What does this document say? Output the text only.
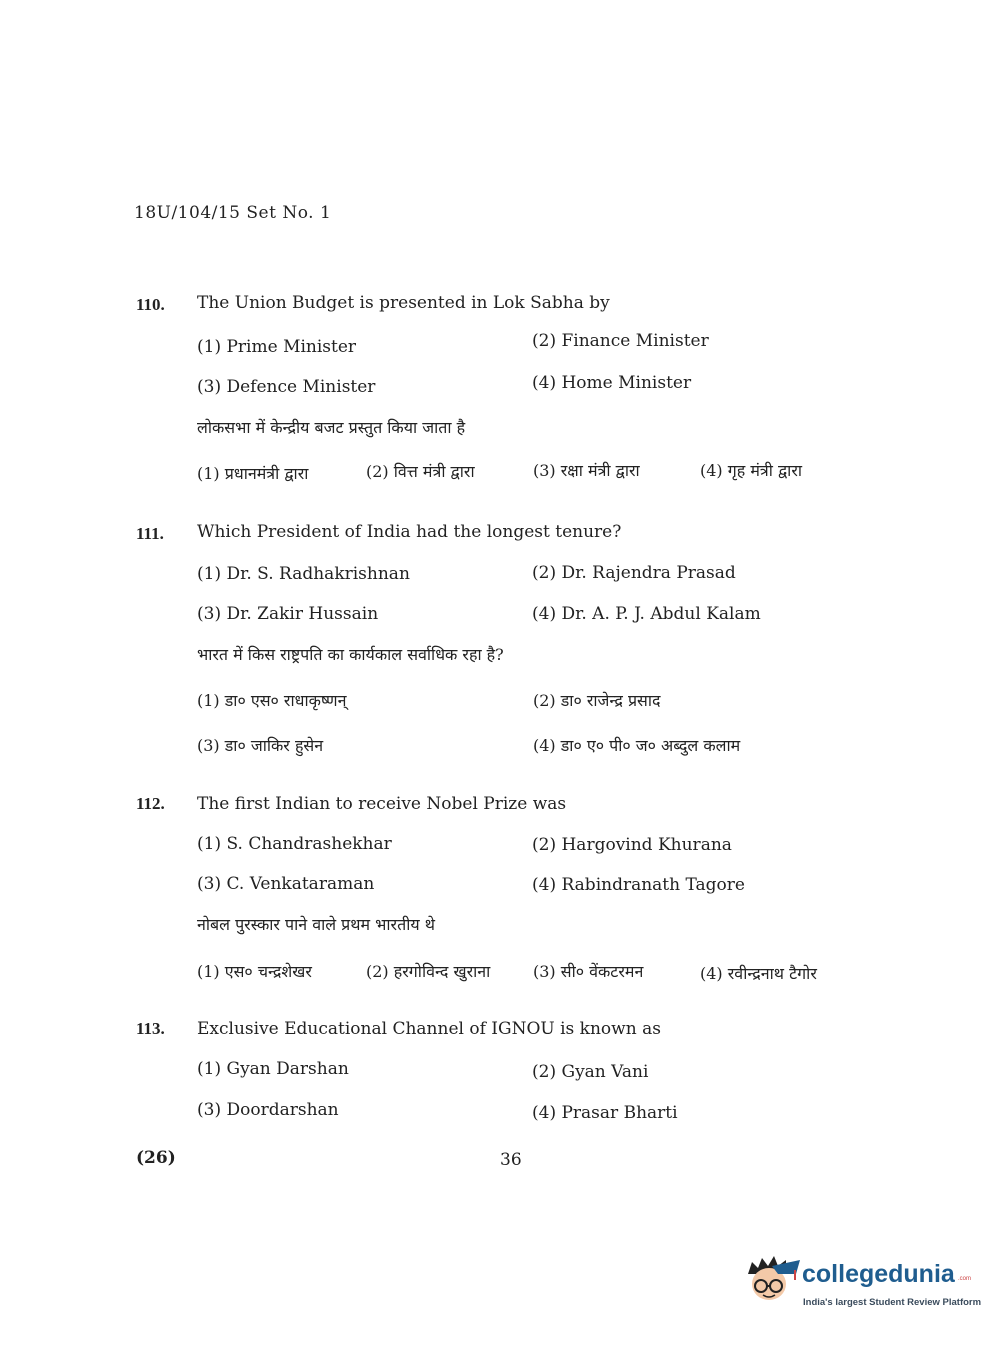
18U/104/15 Set No. 1
110. The Union Budget is presented in Lok Sabha by
(1) Prime Minister	(2) Finance Minister
(3) Defence Minister	(4) Home Minister
लोकसभा में केन्द्रीय बजट प्रस्तुत किया जाता है
(1) प्रधानमंत्री द्वारा	(2) वित्त मंत्री द्वारा	(3) रक्षा मंत्री द्वारा	(4) गृह मंत्री द्वारा
111. Which President of India had the longest tenure?
(1) Dr. S. Radhakrishnan	(2) Dr. Rajendra Prasad
(3) Dr. Zakir Hussain	(4) Dr. A. P. J. Abdul Kalam
भारत में किस राष्ट्रपति का कार्यकाल सर्वाधिक रहा है?
(1) डा० एस० राधाकृष्णन्	(2) डा० राजेन्द्र प्रसाद
(3) डा० जाकिर हुसेन	(4) डा० ए० पी० ज० अब्दुल कलाम
112. The first Indian to receive Nobel Prize was
(1) S. Chandrashekhar	(2) Hargovind Khurana
(3) C. Venkataraman	(4) Rabindranath Tagore
नोबल पुरस्कार पाने वाले प्रथम भारतीय थे
(1) एस० चन्द्रशेखर	(2) हरगोविन्द खुराना	(3) सी० वेंकटरमन	(4) रवीन्द्रनाथ टैगोर
113. Exclusive Educational Channel of IGNOU is known as
(1) Gyan Darshan	(2) Gyan Vani
(3) Doordarshan	(4) Prasar Bharti
(26)	36
collegedunia .com
India's largest Student Review Platform
